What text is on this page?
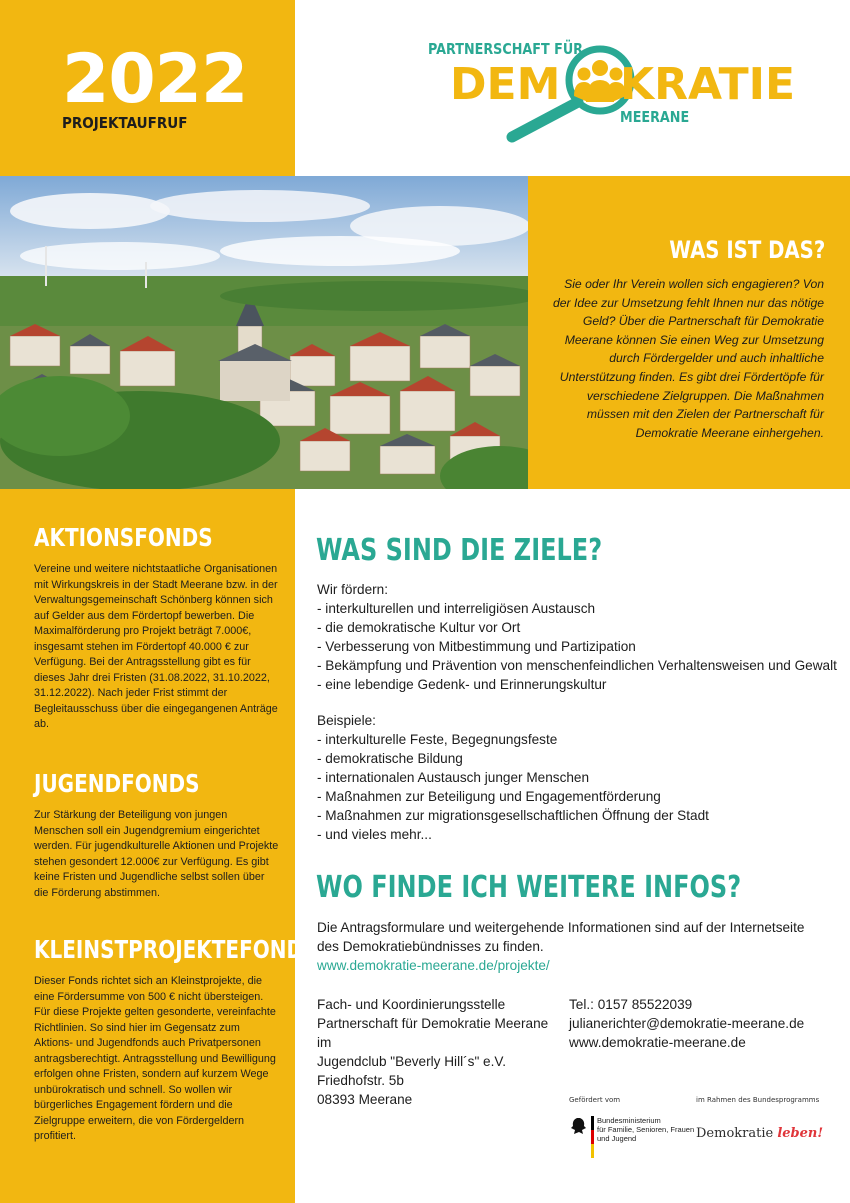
2022
PROJEKTAUFRUF
PARTNERSCHAFT FÜR
DEM KRATIE
MEERANE
WAS IST DAS?
Sie oder Ihr Verein wollen sich engagieren? Von der Idee zur Umsetzung fehlt Ihnen nur das nötige Geld? Über die Partnerschaft für Demokratie Meerane können Sie einen Weg zur Umsetzung durch Fördergelder und auch inhaltliche Unterstützung finden. Es gibt drei Fördertöpfe für verschiedene Zielgruppen. Die Maßnahmen müssen mit den Zielen der Partnerschaft für Demokratie Meerane einhergehen.
AKTIONSFONDS

Vereine und weitere nichtstaatliche Organisationen mit Wirkungskreis in der Stadt Meerane bzw. in der Verwaltungsgemeinschaft Schönberg können sich auf Gelder aus dem Fördertopf bewerben. Die Maximalförderung pro Projekt beträgt 7.000€, insgesamt stehen im Fördertopf 40.000 € zur Verfügung. Bei der Antragsstellung gibt es für dieses Jahr drei Fristen (31.08.2022, 31.10.2022, 31.12.2022). Nach jeder Frist stimmt der Begleitausschuss über die eingegangenen Anträge ab.

JUGENDFONDS

Zur Stärkung der Beteiligung von jungen Menschen soll ein Jugendgremium eingerichtet werden. Für jugendkulturelle Aktionen und Projekte stehen gesondert 12.000€ zur Verfügung. Es gibt keine Fristen und Jugendliche selbst sollen über die Förderung abstimmen.

KLEINSTPROJEKTEFONDS

Dieser Fonds richtet sich an Kleinstprojekte, die eine Fördersumme von 500 € nicht übersteigen. Für diese Projekte gelten gesonderte, vereinfachte Richtlinien. So sind hier im Gegensatz zum Aktions- und Jugendfonds auch Privatpersonen antragsberechtigt. Antragsstellung und Bewilligung erfolgen ohne Fristen, sondern auf kurzem Wege unbürokratisch und schnell. So wollen wir bürgerliches Engagement fördern und die Zielgruppe erweitern, die von Fördergeldern profitiert.

WAS SIND DIE ZIELE?
Wir fördern:
- interkulturellen und interreligiösen Austausch
- die demokratische Kultur vor Ort
- Verbesserung von Mitbestimmung und Partizipation
- Bekämpfung und Prävention von menschenfeindlichen Verhaltensweisen und Gewalt
- eine lebendige Gedenk- und Erinnerungskultur
Beispiele:
- interkulturelle Feste, Begegnungsfeste
- demokratische Bildung
- internationalen Austausch junger Menschen
- Maßnahmen zur Beteiligung und Engagementförderung
- Maßnahmen zur migrationsgesellschaftlichen Öffnung der Stadt
- und vieles mehr...
WO FINDE ICH WEITERE INFOS?
Die Antragsformulare und weitergehende Informationen sind auf der Internetseite des Demokratiebündnisses zu finden.
www.demokratie-meerane.de/projekte/
Fach- und Koordinierungsstelle
Partnerschaft für Demokratie Meerane
im
Jugendclub "Beverly Hill´s" e.V.
Friedhofstr. 5b
08393 Meerane
Tel.: 0157 85522039
julianerichter@demokratie-meerane.de
www.demokratie-meerane.de
Gefördert vom	im Rahmen des Bundesprogramms
Bundesministerium
für Familie, Senioren, Frauen
und Jugend	Demokratie leben!
